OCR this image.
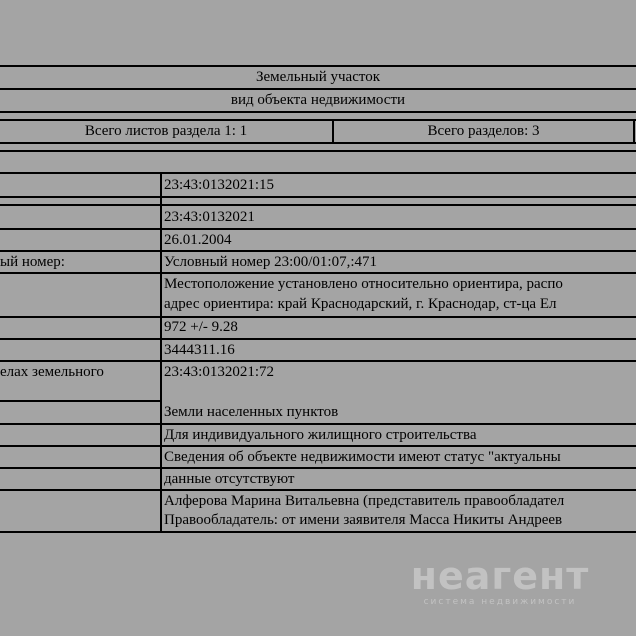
Земельный участок
вид объекта недвижимости
Всего листов раздела 1: 1	Всего разделов: 3
23:43:0132021:15
23:43:0132021
26.01.2004
ый номер:	Условный номер 23:00/01:07,:471
Местоположение установлено относительно ориентира, распо
адрес ориентира: край Краснодарский, г. Краснодар, ст-ца Ел
972 +/- 9.28
3444311.16
елах земельного	23:43:0132021:72
Земли населенных пунктов
Для индивидуального жилищного строительства
Сведения об объекте недвижимости имеют статус "актуальны
данные отсутствуют
Алферова Марина Витальевна (представитель правообладател
Правообладатель: от имени заявителя Масса Никиты Андреев
неагент
система недвижимости
